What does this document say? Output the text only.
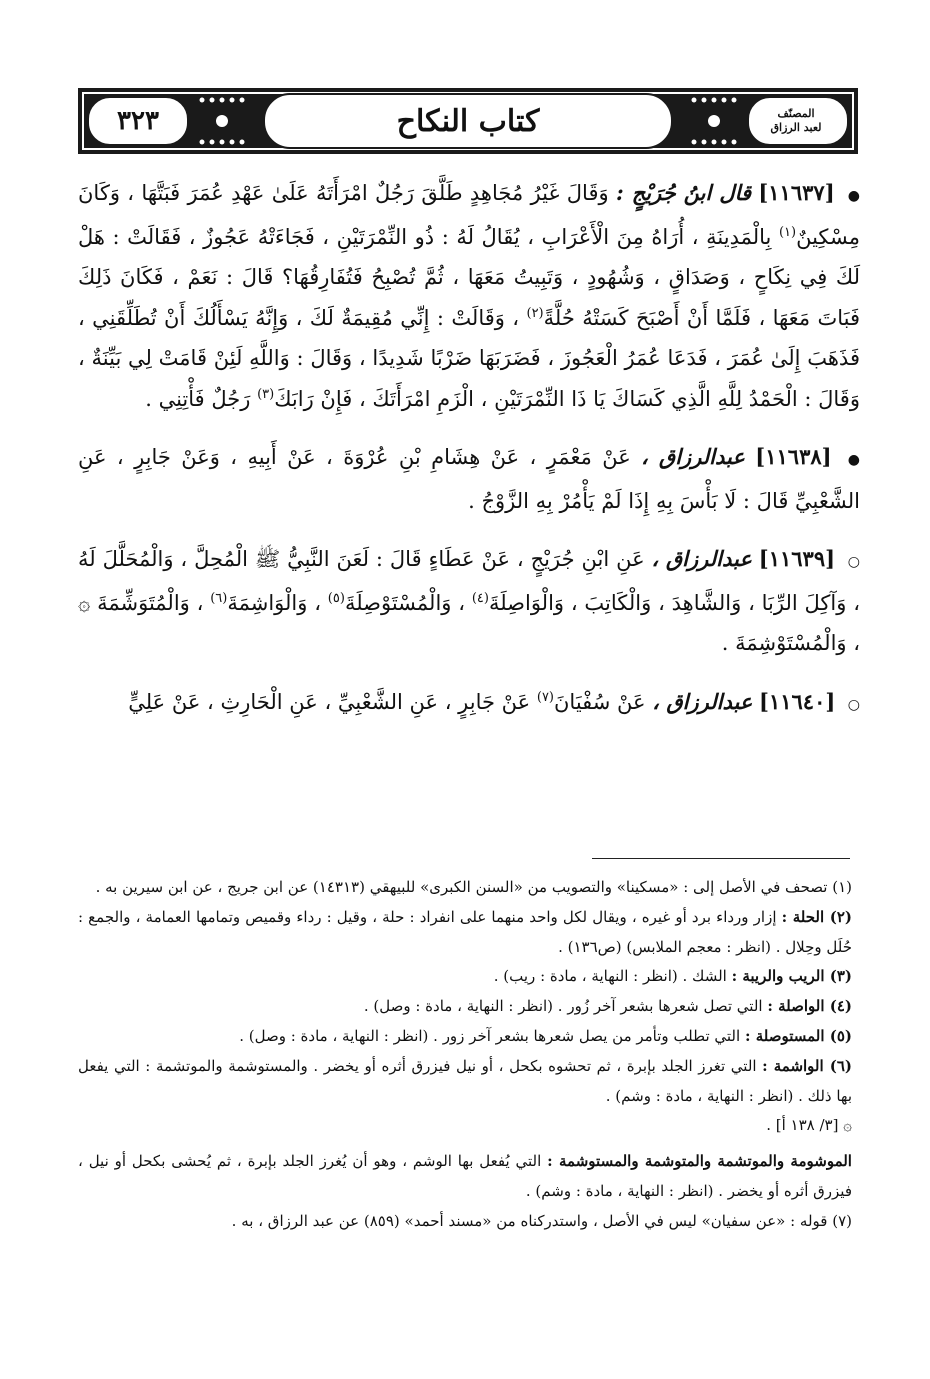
٣٢٣	كتاب النكاح	المصنّف
لعبد الرزاق

● [١١٦٣٧] قال ابنُ جُرَيْجٍ : وَقَالَ غَيْرُ مُجَاهِدٍ طَلَّقَ رَجُلٌ امْرَأَتَهُ عَلَىٰ عَهْدِ عُمَرَ فَبَتَّهَا ، وَكَانَ مِسْكِينٌ$^{(١)}$ بِالْمَدِينَةِ ، أُرَاهُ مِنَ الْأَعْرَابِ ، يُقَالُ لَهُ : ذُو النِّمْرَتَيْنِ ، فَجَاءَتْهُ عَجُوزٌ ، فَقَالَتْ : هَلْ لَكَ فِي نِكَاحٍ ، وَصَدَاقٍ ، وَشُهُودٍ ، وَتَبِيتُ مَعَهَا ، ثُمَّ تُصْبِحُ فَتُفَارِقُهَا؟ قَالَ : نَعَمْ ، فَكَانَ ذَلِكَ فَبَاتَ مَعَهَا ، فَلَمَّا أَنْ أَصْبَحَ كَسَتْهُ حُلَّةً$^{(٢)}$ ، وَقَالَتْ : إِنِّي مُقِيمَةٌ لَكَ ، وَإِنَّهُ يَسْأَلُكَ أَنْ تُطَلِّقَنِي ، فَذَهَبَ إِلَىٰ عُمَرَ ، فَدَعَا عُمَرُ الْعَجُوزَ ، فَضَرَبَهَا ضَرْبًا شَدِيدًا ، وَقَالَ : وَاللَّهِ لَئِنْ قَامَتْ لِي بَيِّنَةٌ ، وَقَالَ : الْحَمْدُ لِلَّهِ الَّذِي كَسَاكَ يَا ذَا النِّمْرَتَيْنِ ، الْزَمِ امْرَأَتَكَ ، فَإِنْ رَابَكَ$^{(٣)}$ رَجُلٌ فَأْتِنِي .

● [١١٦٣٨] عبدالرزاق ، عَنْ مَعْمَرٍ ، عَنْ هِشَامِ بْنِ عُرْوَةَ ، عَنْ أَبِيهِ ، وَعَنْ جَابِرٍ ، عَنِ الشَّعْبِيِّ قَالَ : لَا بَأْسَ بِهِ إِذَا لَمْ يَأْمُرْ بِهِ الزَّوْجُ .

○ [١١٦٣٩] عبدالرزاق ، عَنِ ابْنِ جُرَيْجٍ ، عَنْ عَطَاءٍ قَالَ : لَعَنَ النَّبِيُّ ﷺ الْمُحِلَّ ، وَالْمُحَلَّلَ لَهُ ، وَآكِلَ الرِّبَا ، وَالشَّاهِدَ ، وَالْكَاتِبَ ، وَالْوَاصِلَةَ$^{(٤)}$ ، وَالْمُسْتَوْصِلَةَ$^{(٥)}$ ، وَالْوَاشِمَةَ$^{(٦)}$ ، وَالْمُتَوَشِّمَةَ ۞ ، وَالْمُسْتَوْشِمَةَ .

○ [١١٦٤٠] عبدالرزاق ، عَنْ سُفْيَانَ$^{(٧)}$ عَنْ جَابِرٍ ، عَنِ الشَّعْبِيِّ ، عَنِ الْحَارِثِ ، عَنْ عَلِيٍّ

(١) تصحف في الأصل إلى : «مسكينا» والتصويب من «السنن الكبرى» للبيهقي (١٤٣١٣) عن ابن جريج ، عن ابن سيرين به .

(٢) الحلة : إزار ورداء برد أو غيره ، ويقال لكل واحد منهما على انفراد : حلة ، وقيل : رداء وقميص وتمامها العمامة ، والجمع : حُلَل وحِلال . (انظر : معجم الملابس) (ص١٣٦) .

(٣) الريب والريبة : الشك . (انظر : النهاية ، مادة : ريب) .

(٤) الواصلة : التي تصل شعرها بشعر آخر زُور . (انظر : النهاية ، مادة : وصل) .

(٥) المستوصلة : التي تطلب وتأمر من يصل شعرها بشعر آخر زور . (انظر : النهاية ، مادة : وصل) .

(٦) الواشمة : التي تغرز الجلد بإبرة ، ثم تحشوه بكحل ، أو نيل فيزرق أثره أو يخضر . والمستوشمة والموتشمة : التي يفعل بها ذلك . (انظر : النهاية ، مادة : وشم) .

۞ [٣/ ١٣٨ أ] .

الموشومة والموتشمة والمتوشمة والمستوشمة : التي يُفعل بها الوشم ، وهو أن يُغرز الجلد بإبرة ، ثم يُحشى بكحل أو نيل ، فيزرق أثره أو يخضر . (انظر : النهاية ، مادة : وشم) .

(٧) قوله : «عن سفيان» ليس في الأصل ، واستدركناه من «مسند أحمد» (٨٥٩) عن عبد الرزاق ، به .
